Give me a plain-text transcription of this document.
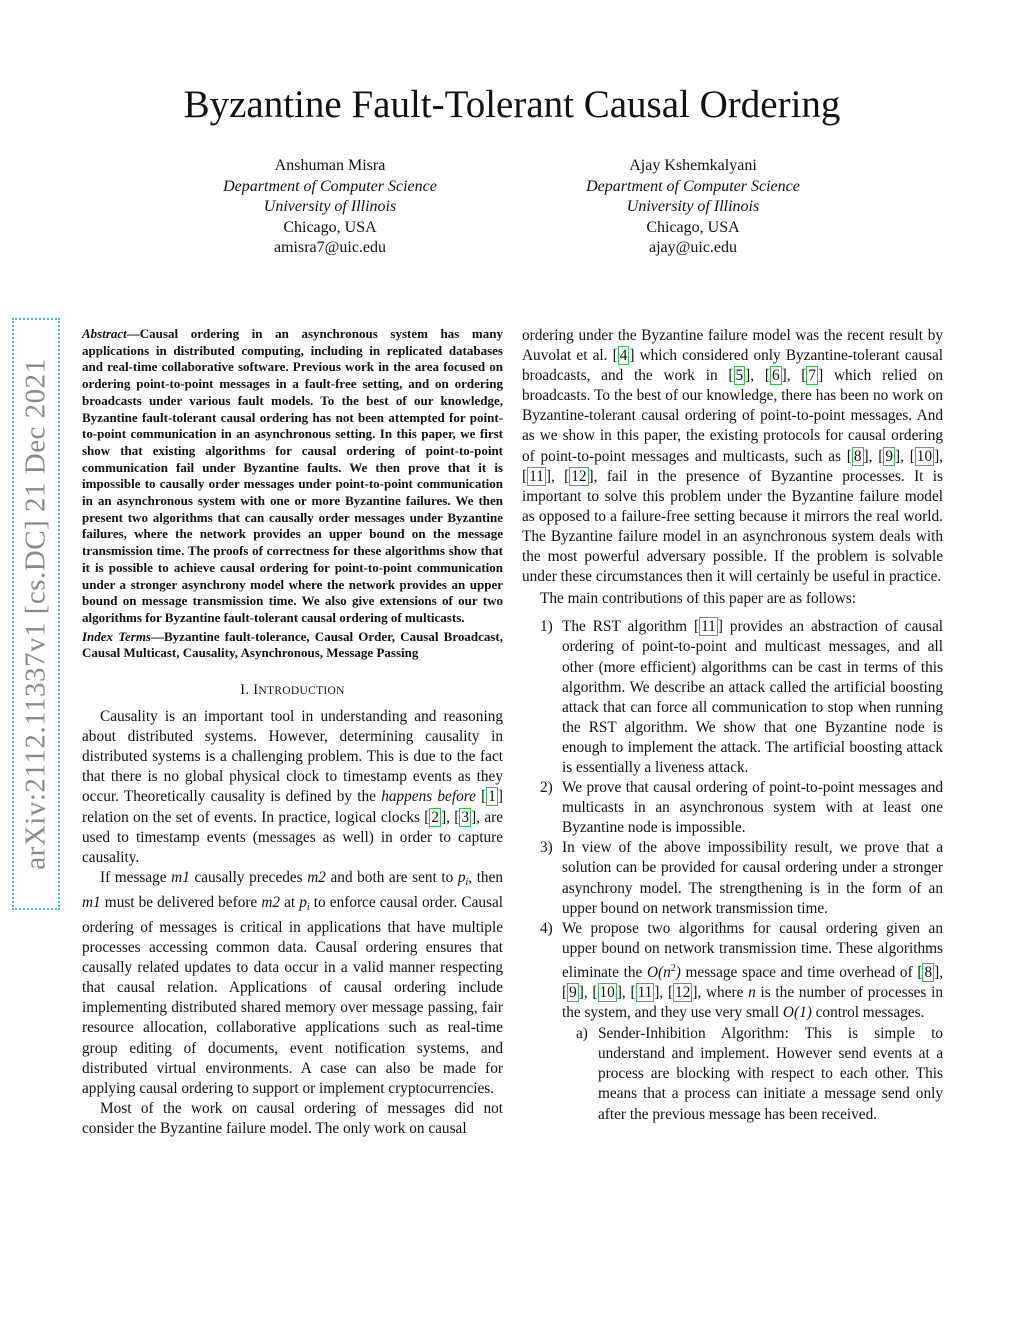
arXiv:2112.11337v1 [cs.DC] 21 Dec 2021
Byzantine Fault-Tolerant Causal Ordering
Anshuman Misra
Department of Computer Science
University of Illinois
Chicago, USA
amisra7@uic.edu
Ajay Kshemkalyani
Department of Computer Science
University of Illinois
Chicago, USA
ajay@uic.edu

Abstract—Causal ordering in an asynchronous system has many applications in distributed computing, including in replicated databases and real-time collaborative software. Previous work in the area focused on ordering point-to-point messages in a fault-free setting, and on ordering broadcasts under various fault models. To the best of our knowledge, Byzantine fault-tolerant causal ordering has not been attempted for point-to-point communication in an asynchronous setting. In this paper, we first show that existing algorithms for causal ordering of point-to-point communication fail under Byzantine faults. We then prove that it is impossible to causally order messages under point-to-point communication in an asynchronous system with one or more Byzantine failures. We then present two algorithms that can causally order messages under Byzantine failures, where the network provides an upper bound on the message transmission time. The proofs of correctness for these algorithms show that it is possible to achieve causal ordering for point-to-point communication under a stronger asynchrony model where the network provides an upper bound on message transmission time. We also give extensions of our two algorithms for Byzantine fault-tolerant causal ordering of multicasts.

Index Terms—Byzantine fault-tolerance, Causal Order, Causal Broadcast, Causal Multicast, Causality, Asynchronous, Message Passing

I. INTRODUCTION

Causality is an important tool in understanding and reasoning about distributed systems. However, determining causality in distributed systems is a challenging problem. This is due to the fact that there is no global physical clock to timestamp events as they occur. Theoretically causality is defined by the happens before [ 1 ] relation on the set of events. In practice, logical clocks [ 2 ], [ 3 ], are used to timestamp events (messages as well) in order to capture causality.

If message m1 causally precedes m2 and both are sent to $p_i$, then m1 must be delivered before m2 at $p_i$ to enforce causal order. Causal ordering of messages is critical in applications that have multiple processes accessing common data. Causal ordering ensures that causally related updates to data occur in a valid manner respecting that causal relation. Applications of causal ordering include implementing distributed shared memory over message passing, fair resource allocation, collaborative applications such as real-time group editing of documents, event notification systems, and distributed virtual environments. A case can also be made for applying causal ordering to support or implement cryptocurrencies.

Most of the work on causal ordering of messages did not consider the Byzantine failure model. The only work on causal

ordering under the Byzantine failure model was the recent result by Auvolat et al. [ 4 ] which considered only Byzantine-tolerant causal broadcasts, and the work in [ 5 ], [ 6 ], [ 7 ] which relied on broadcasts. To the best of our knowledge, there has been no work on Byzantine-tolerant causal ordering of point-to-point messages. And as we show in this paper, the existing protocols for causal ordering of point-to-point messages and multicasts, such as [ 8 ], [ 9 ], [ 10 ], [ 11 ], [ 12 ], fail in the presence of Byzantine processes. It is important to solve this problem under the Byzantine failure model as opposed to a failure-free setting because it mirrors the real world. The Byzantine failure model in an asynchronous system deals with the most powerful adversary possible. If the problem is solvable under these circumstances then it will certainly be useful in practice.

The main contributions of this paper are as follows:

1) The RST algorithm [ 11 ] provides an abstraction of causal ordering of point-to-point and multicast messages, and all other (more efficient) algorithms can be cast in terms of this algorithm. We describe an attack called the artificial boosting attack that can force all communication to stop when running the RST algorithm. We show that one Byzantine node is enough to implement the attack. The artificial boosting attack is essentially a liveness attack.
2) We prove that causal ordering of point-to-point messages and multicasts in an asynchronous system with at least one Byzantine node is impossible.
3) In view of the above impossibility result, we prove that a solution can be provided for causal ordering under a stronger asynchrony model. The strengthening is in the form of an upper bound on network transmission time.
4) We propose two algorithms for causal ordering given an upper bound on network transmission time. These algorithms eliminate the $O(n^2)$ message space and time overhead of [ 8 ], [ 9 ], [ 10 ], [ 11 ], [ 12 ], where n is the number of processes in the system, and they use very small O(1) control messages.
a) Sender-Inhibition Algorithm: This is simple to understand and implement. However send events at a process are blocking with respect to each other. This means that a process can initiate a message send only after the previous message has been received.
